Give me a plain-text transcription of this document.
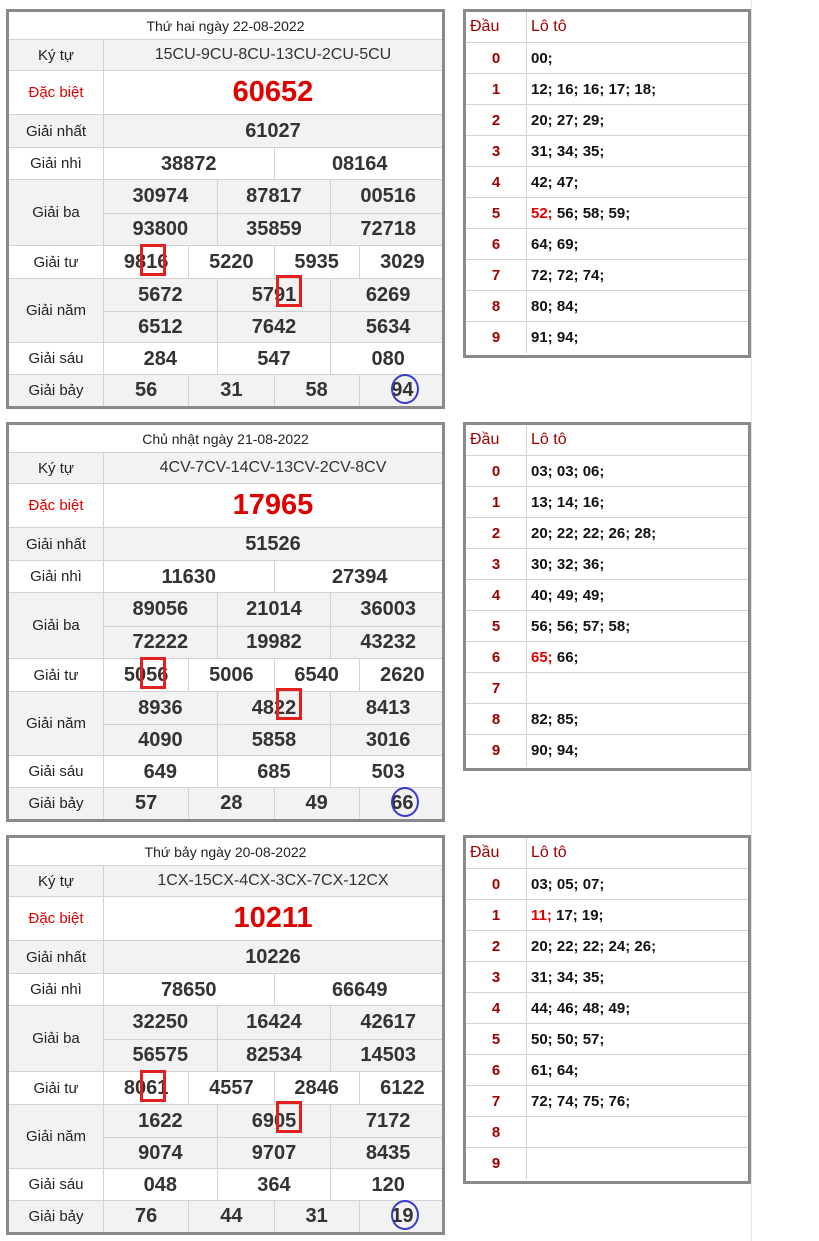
Thứ hai ngày 22-08-2022
Ký tự	15CU-9CU-8CU-13CU-2CU-5CU
Đặc biệt	60652
Giải nhất	61027
Giải nhì	38872	08164
Giải ba
30974	87817	00516
93800	35859	72718
Giải tư	9816	5220	5935	3029
Giải năm
5672	5791	6269
6512	7642	5634
Giải sáu	284	547	080
Giải bảy	56	31	58	94
Đầu	Lô tô
0	00;
1	12; 16; 16; 17; 18;
2	20; 27; 29;
3	31; 34; 35;
4	42; 47;
5	52; 56; 58; 59;
6	64; 69;
7	72; 72; 74;
8	80; 84;
9	91; 94;
Chủ nhật ngày 21-08-2022
Ký tự	4CV-7CV-14CV-13CV-2CV-8CV
Đặc biệt	17965
Giải nhất	51526
Giải nhì	11630	27394
Giải ba
89056	21014	36003
72222	19982	43232
Giải tư	5056	5006	6540	2620
Giải năm
8936	4822	8413
4090	5858	3016
Giải sáu	649	685	503
Giải bảy	57	28	49	66
Đầu	Lô tô
0	03; 03; 06;
1	13; 14; 16;
2	20; 22; 22; 26; 28;
3	30; 32; 36;
4	40; 49; 49;
5	56; 56; 57; 58;
6	65; 66;
7
8	82; 85;
9	90; 94;
Thứ bảy ngày 20-08-2022
Ký tự	1CX-15CX-4CX-3CX-7CX-12CX
Đặc biệt	10211
Giải nhất	10226
Giải nhì	78650	66649
Giải ba
32250	16424	42617
56575	82534	14503
Giải tư	8061	4557	2846	6122
Giải năm
1622	6905	7172
9074	9707	8435
Giải sáu	048	364	120
Giải bảy	76	44	31	19
Đầu	Lô tô
0	03; 05; 07;
1	11; 17; 19;
2	20; 22; 22; 24; 26;
3	31; 34; 35;
4	44; 46; 48; 49;
5	50; 50; 57;
6	61; 64;
7	72; 74; 75; 76;
8
9
